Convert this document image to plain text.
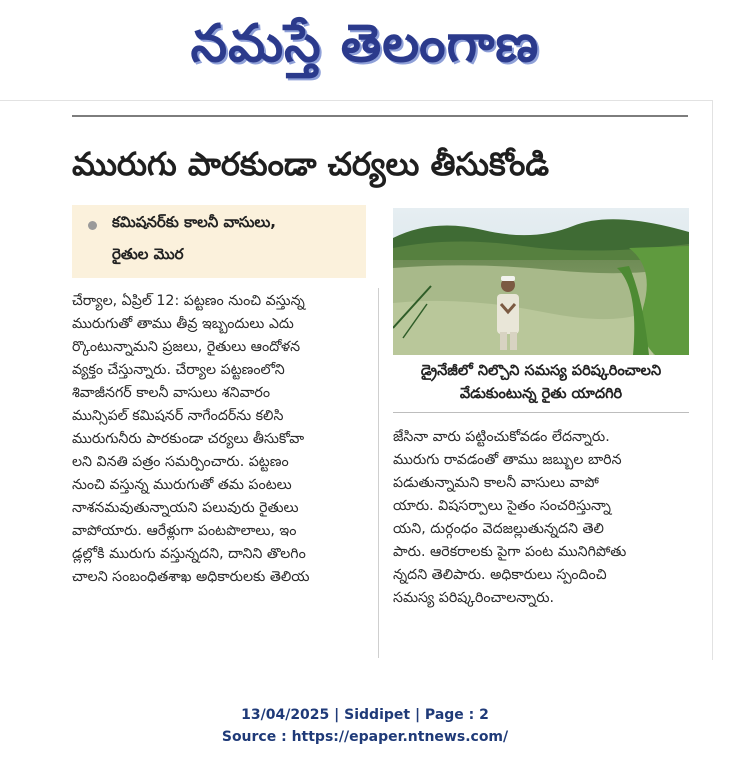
నమస్తే తెలంగాణ
మురుగు పారకుండా చర్యలు తీసుకోండి
కమిషనర్‌కు కాలనీ వాసులు,
రైతుల మొర
చేర్యాల, ఏప్రిల్ 12: పట్టణం నుంచి వస్తున్న
మురుగుతో తాము తీవ్ర ఇబ్బందులు ఎదు
ర్కొంటున్నామని ప్రజలు, రైతులు ఆందోళన
వ్యక్తం చేస్తున్నారు. చేర్యాల పట్టణంలోని
శివాజీనగర్ కాలనీ వాసులు శనివారం
మున్సిపల్ కమిషనర్ నాగేందర్‌ను కలిసి
మురుగునీరు పారకుండా చర్యలు తీసుకోవా
లని వినతి పత్రం సమర్పించారు. పట్టణం
నుంచి వస్తున్న మురుగుతో తమ పంటలు
నాశనమవుతున్నాయని పలువురు రైతులు
వాపోయారు. ఆరేళ్లుగా పంటపొలాలు, ఇం
డ్లల్లోకి మురుగు వస్తున్నదని, దానిని తొలగిం
చాలని సంబంధితశాఖ అధికారులకు తెలియ
డ్రైనేజీలో నిల్చొని సమస్య పరిష్కరించాలని
వేడుకుంటున్న రైతు యాదగిరి
జేసినా వారు పట్టించుకోవడం లేదన్నారు.
మురుగు రావడంతో తాము జబ్బుల బారిన
పడుతున్నామని కాలనీ వాసులు వాపో
యారు. విషసర్పాలు సైతం సంచరిస్తున్నా
యని, దుర్గంధం వెదజల్లుతున్నదని తెలి
పారు. ఆరెకరాలకు పైగా పంట మునిగిపోతు
న్నదని తెలిపారు. అధికారులు స్పందించి
సమస్య పరిష్కరించాలన్నారు.
13/04/2025 | Siddipet | Page : 2
Source : https://epaper.ntnews.com/
